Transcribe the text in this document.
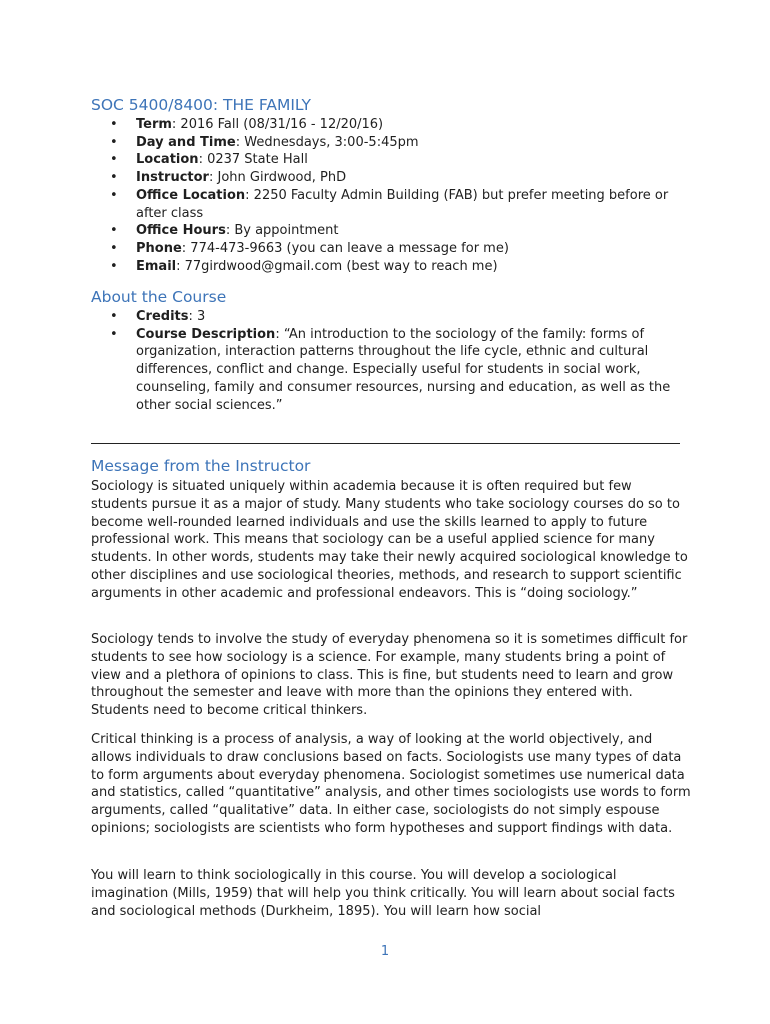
SOC 5400/8400: THE FAMILY
• Term: 2016 Fall (08/31/16 - 12/20/16)
• Day and Time: Wednesdays, 3:00-5:45pm
• Location: 0237 State Hall
• Instructor: John Girdwood, PhD
• Office Location: 2250 Faculty Admin Building (FAB) but prefer meeting before or after class
• Office Hours: By appointment
• Phone: 774-473-9663 (you can leave a message for me)
• Email: 77girdwood@gmail.com (best way to reach me)
About the Course
• Credits: 3
• Course Description: “An introduction to the sociology of the family: forms of organization, interaction patterns throughout the life cycle, ethnic and cultural differences, conflict and change. Especially useful for students in social work, counseling, family and consumer resources, nursing and education, as well as the other social sciences.”
Message from the Instructor

Sociology is situated uniquely within academia because it is often required but few students pursue it as a major of study. Many students who take sociology courses do so to become well-rounded learned individuals and use the skills learned to apply to future professional work. This means that sociology can be a useful applied science for many students. In other words, students may take their newly acquired sociological knowledge to other disciplines and use sociological theories, methods, and research to support scientific arguments in other academic and professional endeavors. This is “doing sociology.”

Sociology tends to involve the study of everyday phenomena so it is sometimes difficult for students to see how sociology is a science. For example, many students bring a point of view and a plethora of opinions to class. This is fine, but students need to learn and grow throughout the semester and leave with more than the opinions they entered with. Students need to become critical thinkers.

Critical thinking is a process of analysis, a way of looking at the world objectively, and allows individuals to draw conclusions based on facts. Sociologists use many types of data to form arguments about everyday phenomena. Sociologist sometimes use numerical data and statistics, called “quantitative” analysis, and other times sociologists use words to form arguments, called “qualitative” data. In either case, sociologists do not simply espouse opinions; sociologists are scientists who form hypotheses and support findings with data.

You will learn to think sociologically in this course. You will develop a sociological imagination (Mills, 1959) that will help you think critically. You will learn about social facts and sociological methods (Durkheim, 1895). You will learn how social

1
